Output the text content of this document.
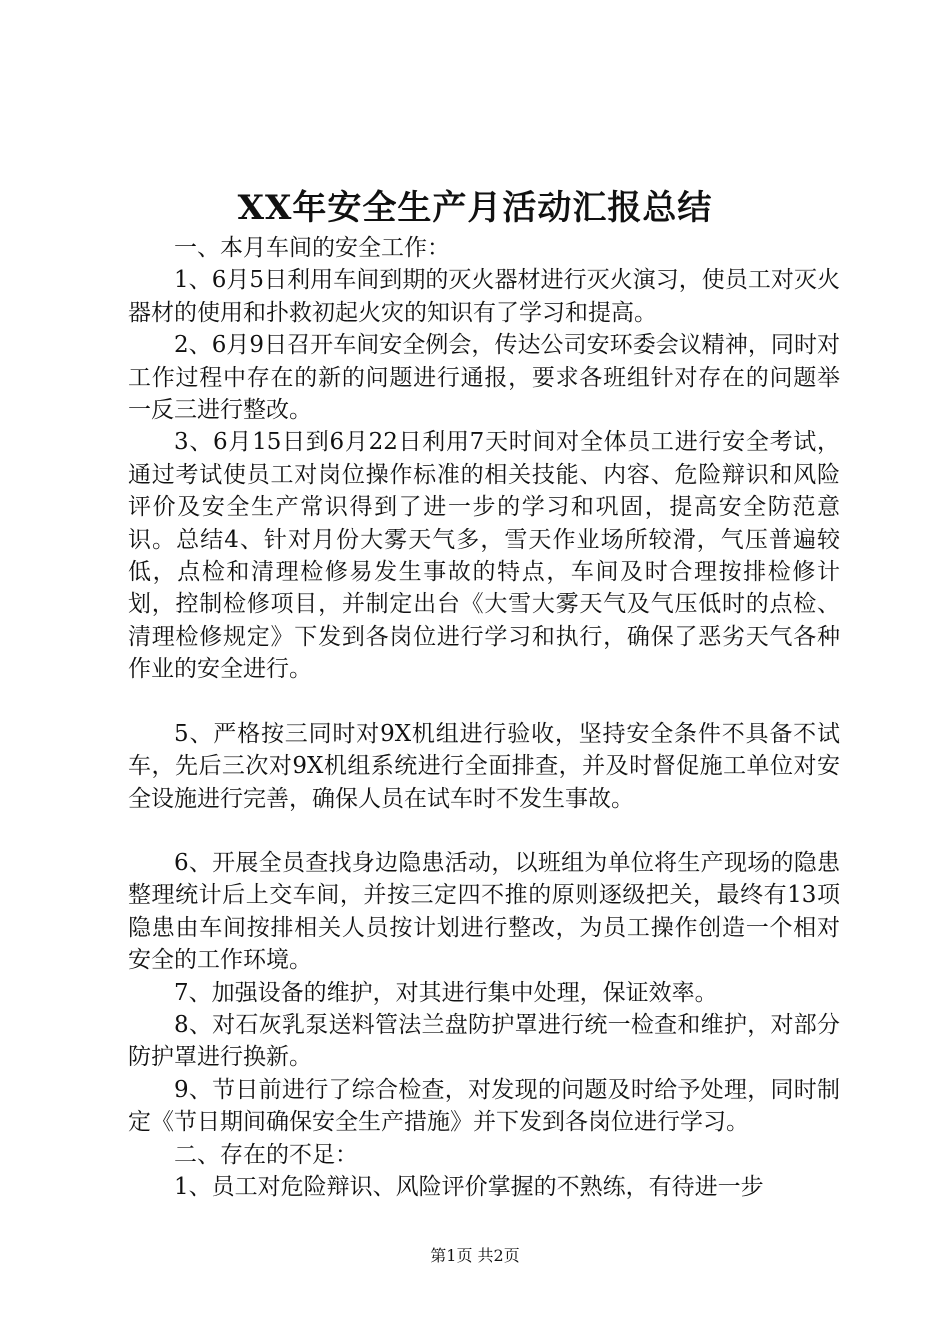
XX年安全生产月活动汇报总结

一、本月车间的安全工作：

1、6月5日利用车间到期的灭火器材进行灭火演习，使员工对灭火器材的使用和扑救初起火灾的知识有了学习和提高。

2、6月9日召开车间安全例会，传达公司安环委会议精神，同时对工作过程中存在的新的问题进行通报，要求各班组针对存在的问题举一反三进行整改。

3、6月15日到6月22日利用7天时间对全体员工进行安全考试，通过考试使员工对岗位操作标准的相关技能、内容、危险辩识和风险评价及安全生产常识得到了进一步的学习和巩固，提高安全防范意识。总结4、针对月份大雾天气多，雪天作业场所较滑，气压普遍较低，点检和清理检修易发生事故的特点，车间及时合理按排检修计划，控制检修项目，并制定出台《大雪大雾天气及气压低时的点检、清理检修规定》下发到各岗位进行学习和执行，确保了恶劣天气各种作业的安全进行。

5、严格按三同时对9X机组进行验收，坚持安全条件不具备不试车，先后三次对9X机组系统进行全面排查，并及时督促施工单位对安全设施进行完善，确保人员在试车时不发生事故。

6、开展全员查找身边隐患活动，以班组为单位将生产现场的隐患整理统计后上交车间，并按三定四不推的原则逐级把关，最终有13项隐患由车间按排相关人员按计划进行整改，为员工操作创造一个相对安全的工作环境。

7、加强设备的维护，对其进行集中处理，保证效率。

8、对石灰乳泵送料管法兰盘防护罩进行统一检查和维护，对部分防护罩进行换新。

9、节日前进行了综合检查，对发现的问题及时给予处理，同时制定《节日期间确保安全生产措施》并下发到各岗位进行学习。

二、存在的不足：

1、员工对危险辩识、风险评价掌握的不熟练，有待进一步

第1页 共2页
